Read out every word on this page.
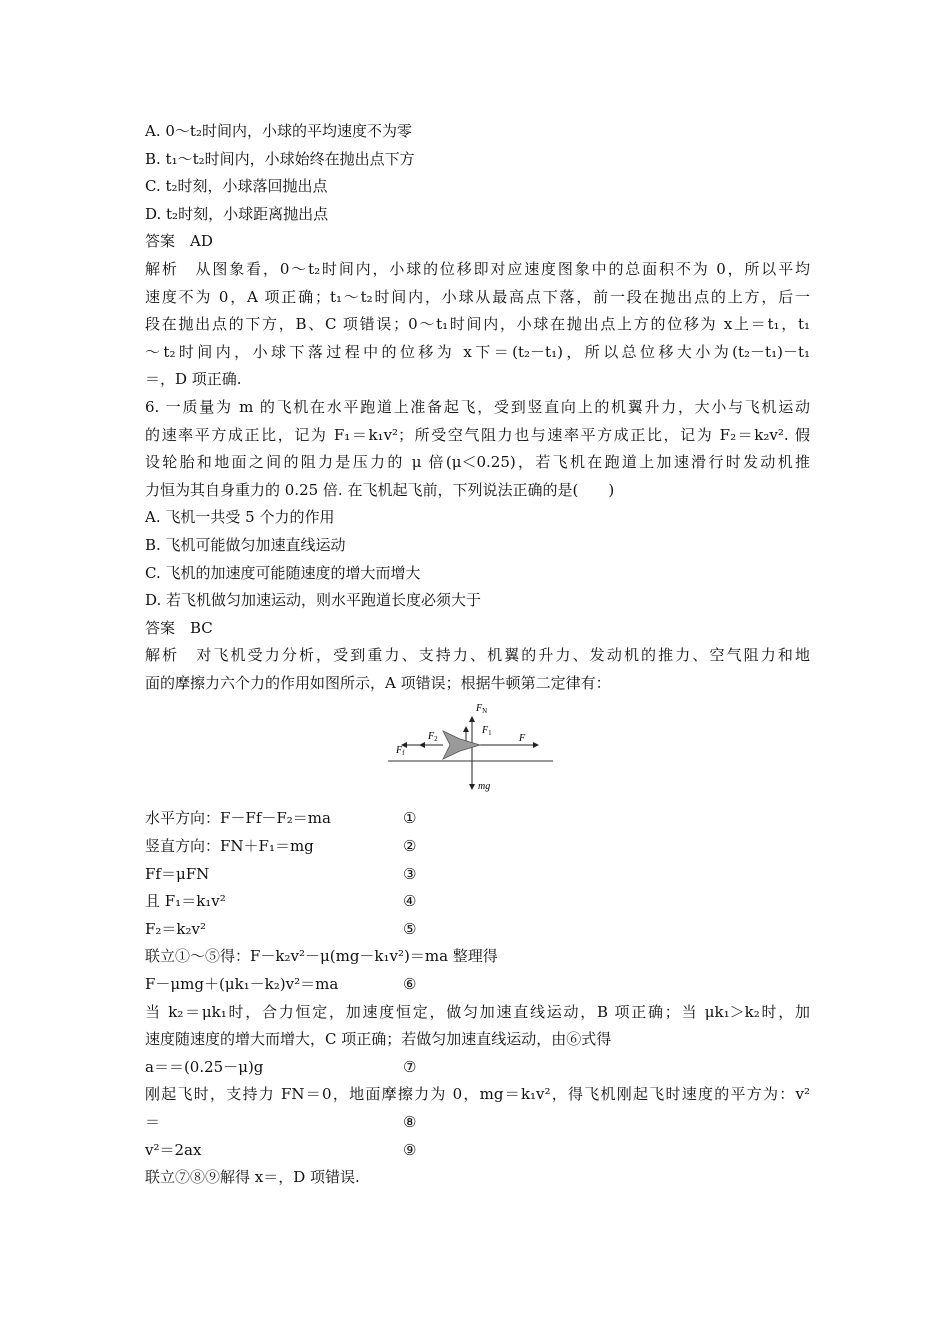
A. 0～t₂时间内，小球的平均速度不为零
B. t₁～t₂时间内，小球始终在抛出点下方
C. t₂时刻，小球落回抛出点
D. t₂时刻，小球距离抛出点
答案　AD
解析　从图象看，0～t₂时间内，小球的位移即对应速度图象中的总面积不为 0，所以平均
速度不为 0，A 项正确；t₁～t₂时间内，小球从最高点下落，前一段在抛出点的上方，后一
段在抛出点的下方，B、C 项错误；0～t₁时间内，小球在抛出点上方的位移为 x上＝t₁，t₁
～t₂时间内，小球下落过程中的位移为 x下＝(t₂－t₁)，所以总位移大小为(t₂－t₁)－t₁
＝，D 项正确.
6. 一质量为 m 的飞机在水平跑道上准备起飞，受到竖直向上的机翼升力，大小与飞机运动
的速率平方成正比，记为 F₁＝k₁v²；所受空气阻力也与速率平方成正比，记为 F₂＝k₂v². 假
设轮胎和地面之间的阻力是压力的 μ 倍(μ＜0.25)，若飞机在跑道上加速滑行时发动机推
力恒为其自身重力的 0.25 倍. 在飞机起飞前，下列说法正确的是(　　)
A. 飞机一共受 5 个力的作用
B. 飞机可能做匀加速直线运动
C. 飞机的加速度可能随速度的增大而增大
D. 若飞机做匀加速运动，则水平跑道长度必须大于
答案　BC
解析　对飞机受力分析，受到重力、支持力、机翼的升力、发动机的推力、空气阻力和地
面的摩擦力六个力的作用如图所示，A 项错误；根据牛顿第二定律有：
$F_N$
$F_1$
$F_2$
$F_f$
F
mg
水平方向：F－Ff－F₂＝ma	①
竖直方向：FN＋F₁＝mg	②
Ff＝μFN	③
且 F₁＝k₁v²	④
F₂＝k₂v²	⑤
联立①～⑤得：F－k₂v²－μ(mg－k₁v²)＝ma 整理得
F－μmg＋(μk₁－k₂)v²＝ma	⑥
当 k₂＝μk₁时，合力恒定，加速度恒定，做匀加速直线运动，B 项正确；当 μk₁＞k₂时，加
速度随速度的增大而增大，C 项正确；若做匀加速直线运动，由⑥式得
a＝＝(0.25－μ)g	⑦
刚起飞时，支持力 FN＝0，地面摩擦力为 0，mg＝k₁v²，得飞机刚起飞时速度的平方为：v²
＝	⑧
v²＝2ax	⑨
联立⑦⑧⑨解得 x＝，D 项错误.
